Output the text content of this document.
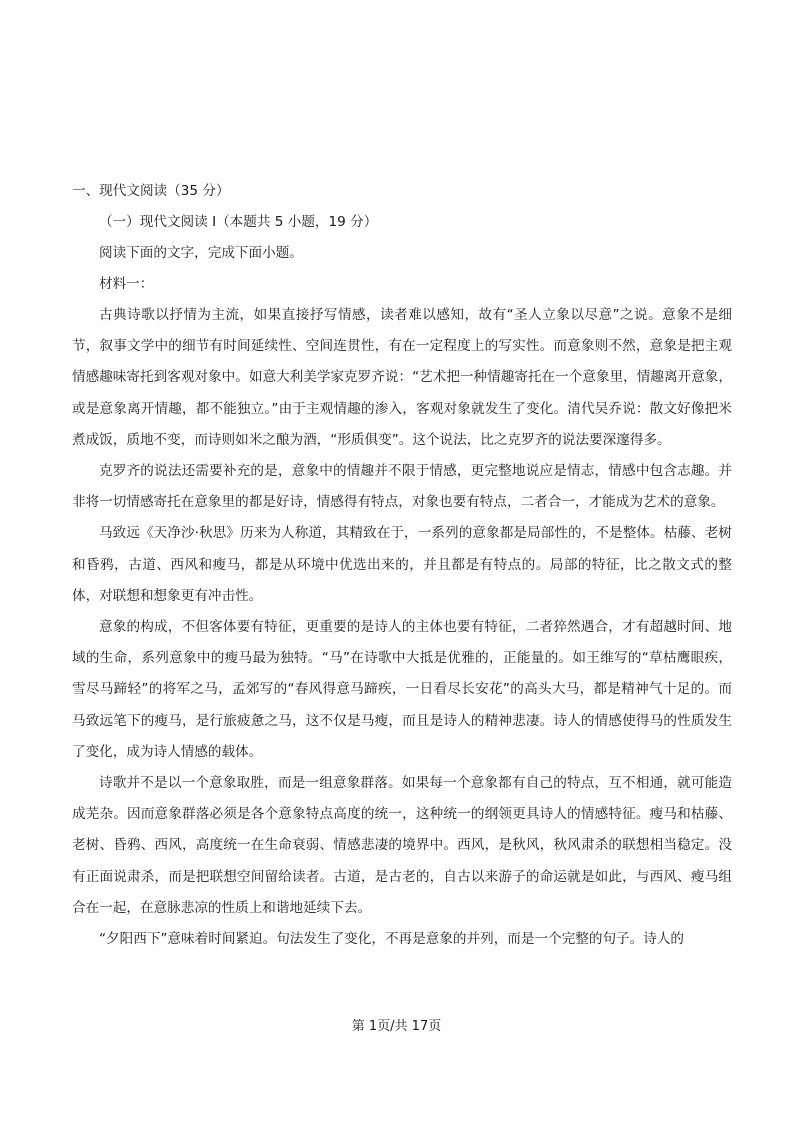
一、现代文阅读（35 分）
（一）现代文阅读 I（本题共 5 小题，19 分）
阅读下面的文字，完成下面小题。
材料一：

古典诗歌以抒情为主流，如果直接抒写情感，读者难以感知，故有“圣人立象以尽意”之说。意象不是细节，叙事文学中的细节有时间延续性、空间连贯性，有在一定程度上的写实性。而意象则不然，意象是把主观情感趣味寄托到客观对象中。如意大利美学家克罗齐说：“艺术把一种情趣寄托在一个意象里，情趣离开意象，或是意象离开情趣，都不能独立。”由于主观情趣的渗入，客观对象就发生了变化。清代吴乔说：散文好像把米煮成饭，质地不变，而诗则如米之酿为酒，“形质俱变”。这个说法，比之克罗齐的说法要深邃得多。

克罗齐的说法还需要补充的是，意象中的情趣并不限于情感，更完整地说应是情志，情感中包含志趣。并非将一切情感寄托在意象里的都是好诗，情感得有特点，对象也要有特点，二者合一，才能成为艺术的意象。

马致远《天净沙·秋思》历来为人称道，其精致在于，一系列的意象都是局部性的，不是整体。枯藤、老树和昏鸦，古道、西风和瘦马，都是从环境中优选出来的，并且都是有特点的。局部的特征，比之散文式的整体，对联想和想象更有冲击性。

意象的构成，不但客体要有特征，更重要的是诗人的主体也要有特征，二者猝然遇合，才有超越时间、地域的生命，系列意象中的瘦马最为独特。“马”在诗歌中大抵是优雅的，正能量的。如王维写的“草枯鹰眼疾，雪尽马蹄轻”的将军之马，孟郊写的“春风得意马蹄疾，一日看尽长安花”的高头大马，都是精神气十足的。而马致远笔下的瘦马，是行旅疲惫之马，这不仅是马瘦，而且是诗人的精神悲凄。诗人的情感使得马的性质发生了变化，成为诗人情感的载体。

诗歌并不是以一个意象取胜，而是一组意象群落。如果每一个意象都有自己的特点，互不相通，就可能造成芜杂。因而意象群落必须是各个意象特点高度的统一，这种统一的纲领更具诗人的情感特征。瘦马和枯藤、老树、昏鸦、西风，高度统一在生命衰弱、情感悲凄的境界中。西风，是秋风，秋风肃杀的联想相当稳定。没有正面说肃杀，而是把联想空间留给读者。古道，是古老的，自古以来游子的命运就是如此，与西风、瘦马组合在一起，在意脉悲凉的性质上和谐地延续下去。

“夕阳西下”意味着时间紧迫。句法发生了变化，不再是意象的并列，而是一个完整的句子。诗人的

第 1页/共 17页
